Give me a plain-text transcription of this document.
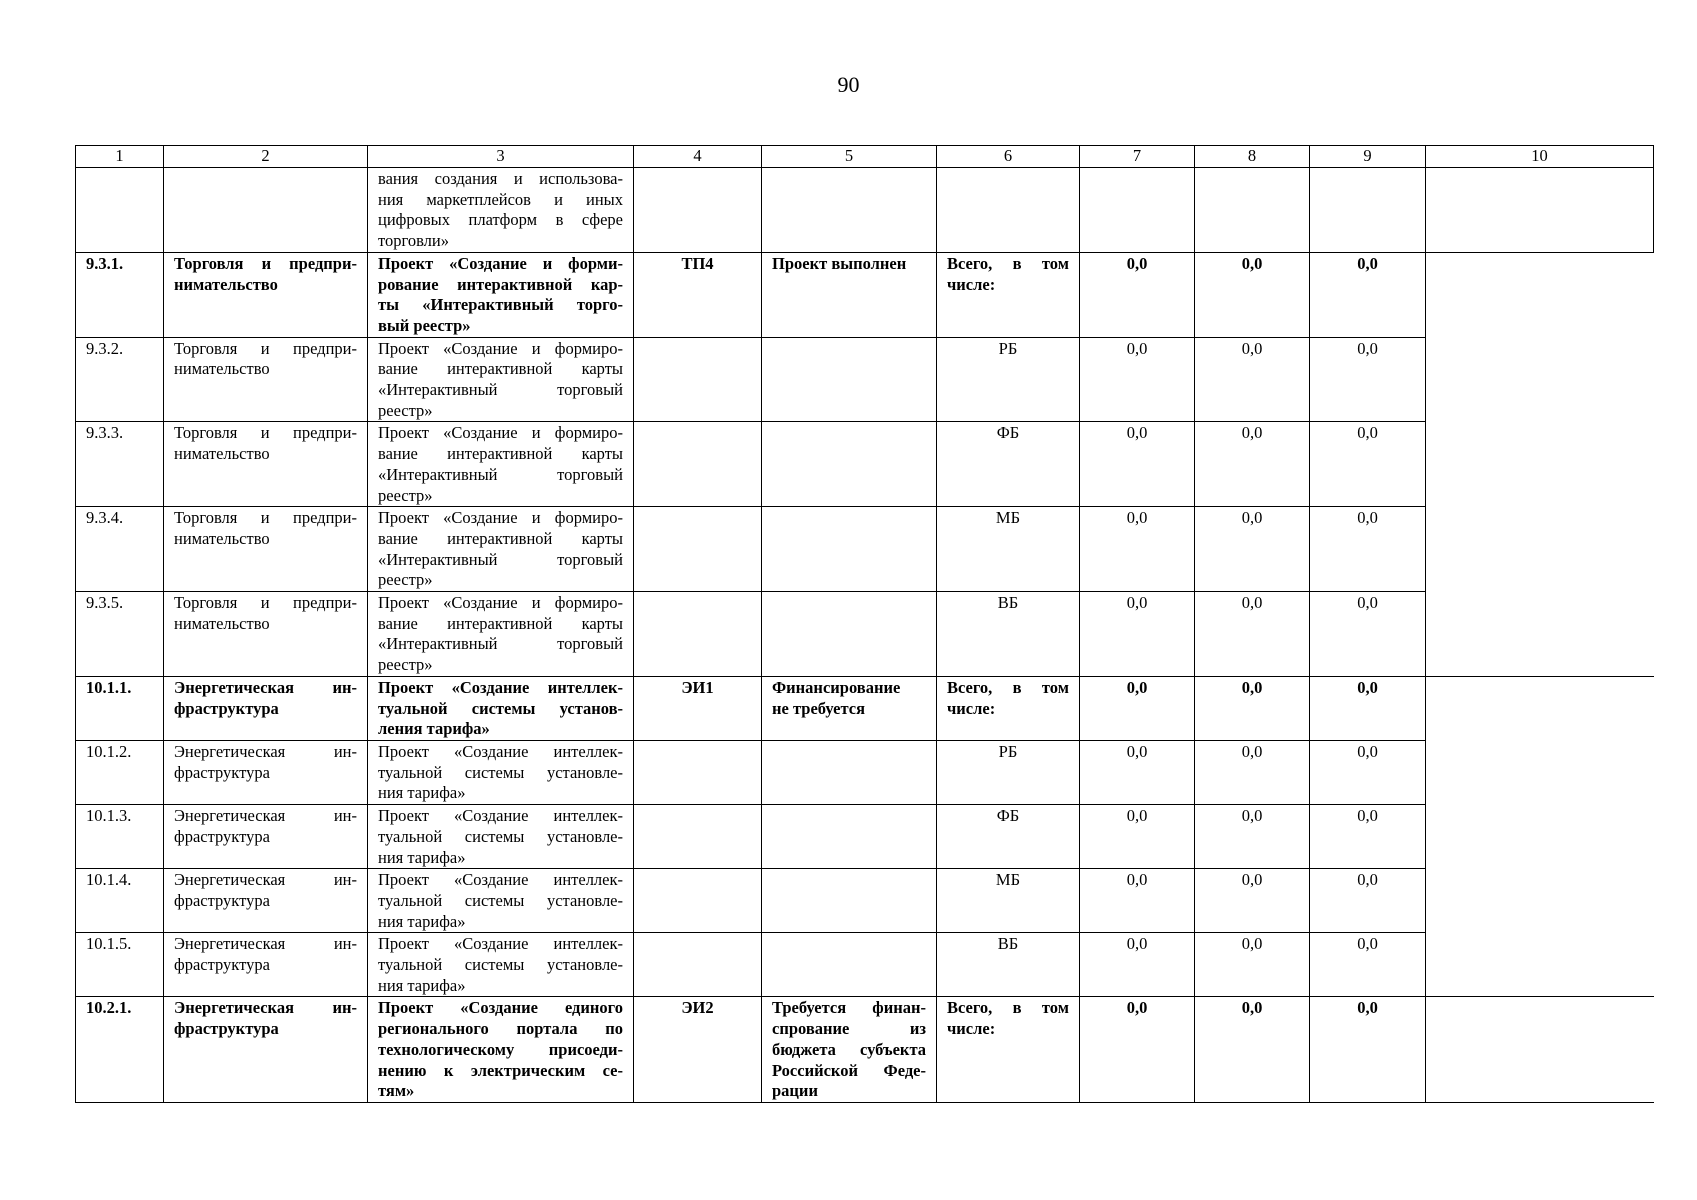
90
1	2	3	4	5	6	7	8	9	10

		вания создания и использова-
ния маркетплейсов и иных
цифровых платформ в сфере
торговли»							

9.3.1.	Торговля и предпри-
нимательство	Проект «Создание и форми-
рование интерактивной кар-
ты «Интерактивный торго-
вый реестр»	ТП4	Проект выполнен	Всего, в том
числе:	0,0	0,0	0,0	
9.3.2.	Торговля и предпри-
нимательство	Проект «Создание и формиро-
вание интерактивной карты
«Интерактивный торговый
реестр»			РБ	0,0	0,0	0,0	
9.3.3.	Торговля и предпри-
нимательство	Проект «Создание и формиро-
вание интерактивной карты
«Интерактивный торговый
реестр»			ФБ	0,0	0,0	0,0	
9.3.4.	Торговля и предпри-
нимательство	Проект «Создание и формиро-
вание интерактивной карты
«Интерактивный торговый
реестр»			МБ	0,0	0,0	0,0	
9.3.5.	Торговля и предпри-
нимательство	Проект «Создание и формиро-
вание интерактивной карты
«Интерактивный торговый
реестр»			ВБ	0,0	0,0	0,0	
10.1.1.	Энергетическая ин-
фраструктура	Проект «Создание интеллек-
туальной системы установ-
ления тарифа»	ЭИ1	Финансирование
не требуется	Всего, в том
числе:	0,0	0,0	0,0	
10.1.2.	Энергетическая ин-
фраструктура	Проект «Создание интеллек-
туальной системы установле-
ния тарифа»			РБ	0,0	0,0	0,0	
10.1.3.	Энергетическая ин-
фраструктура	Проект «Создание интеллек-
туальной системы установле-
ния тарифа»			ФБ	0,0	0,0	0,0	
10.1.4.	Энергетическая ин-
фраструктура	Проект «Создание интеллек-
туальной системы установле-
ния тарифа»			МБ	0,0	0,0	0,0	
10.1.5.	Энергетическая ин-
фраструктура	Проект «Создание интеллек-
туальной системы установле-
ния тарифа»			ВБ	0,0	0,0	0,0	
10.2.1.	Энергетическая ин-
фраструктура	Проект «Создание единого
регионального портала по
технологическому присоеди-
нению к электрическим се-
тям»	ЭИ2	Требуется финан-
спрование из
бюджета субъекта
Российской Феде-
рации	Всего, в том
числе:	0,0	0,0	0,0	
